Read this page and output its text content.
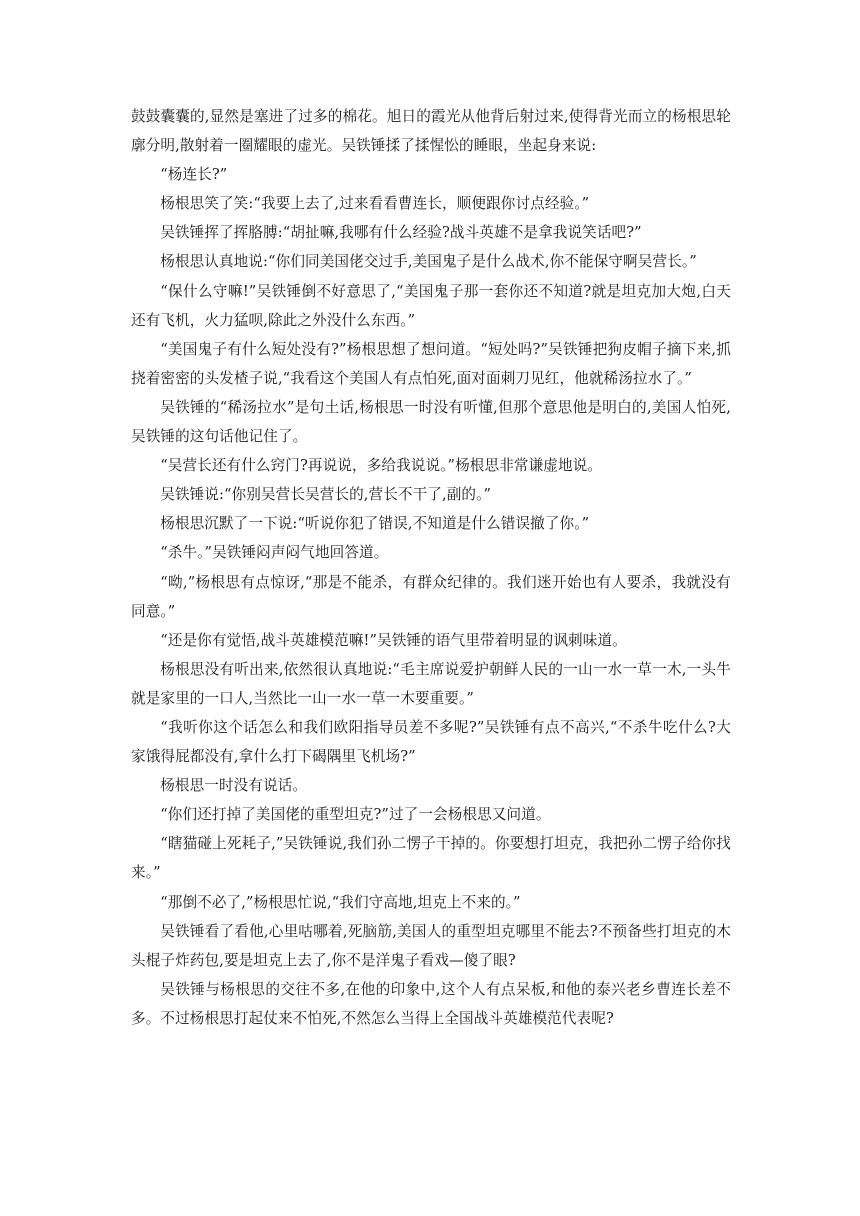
鼓鼓囊囊的,显然是塞进了过多的棉花。旭日的霞光从他背后射过来,使得背光而立的杨根思轮廓分明,散射着一圈耀眼的虚光。吴铁锤揉了揉惺忪的睡眼，坐起身来说:

“杨连长?”

杨根思笑了笑:“我要上去了,过来看看曹连长，顺便跟你讨点经验。”

吴铁锤挥了挥胳膊:“胡扯嘛,我哪有什么经验?战斗英雄不是拿我说笑话吧?”

杨根思认真地说:“你们同美国佬交过手,美国鬼子是什么战术,你不能保守啊吴营长。”

“保什么守嘛!”吴铁锤倒不好意思了,“美国鬼子那一套你还不知道?就是坦克加大炮,白天还有飞机，火力猛呗,除此之外没什么东西。”

“美国鬼子有什么短处没有?”杨根思想了想问道。“短处吗?”吴铁锤把狗皮帽子摘下来,抓挠着密密的头发楂子说,“我看这个美国人有点怕死,面对面刺刀见红，他就稀汤拉水了。”

吴铁锤的“稀汤拉水”是句土话,杨根思一时没有听懂,但那个意思他是明白的,美国人怕死,吴铁锤的这句话他记住了。

“吴营长还有什么窍门?再说说，多给我说说。”杨根思非常谦虚地说。

吴铁锤说:“你别吴营长吴营长的,营长不干了,副的。”

杨根思沉默了一下说:“听说你犯了错误,不知道是什么错误撤了你。”

“杀牛。”吴铁锤闷声闷气地回答道。

“呦,”杨根思有点惊讶,“那是不能杀，有群众纪律的。我们迷开始也有人要杀，我就没有同意。”

“还是你有觉悟,战斗英雄模范嘛!”吴铁锤的语气里带着明显的讽刺味道。

杨根思没有听出来,依然很认真地说:“毛主席说爱护朝鲜人民的一山一水一草一木,一头牛就是家里的一口人,当然比一山一水一草一木要重要。”

“我听你这个话怎么和我们欧阳指导员差不多呢?”吴铁锤有点不高兴,“不杀牛吃什么?大家饿得屁都没有,拿什么打下碣隅里飞机场?”

杨根思一时没有说话。

“你们还打掉了美国佬的重型坦克?”过了一会杨根思又问道。

“瞎猫碰上死耗子,”吴铁锤说,我们孙二愣子干掉的。你要想打坦克，我把孙二愣子给你找来。”

“那倒不必了,”杨根思忙说,“我们守高地,坦克上不来的。”

吴铁锤看了看他,心里咕哪着,死脑筋,美国人的重型坦克哪里不能去?不预备些打坦克的木头棍子炸药包,要是坦克上去了,你不是洋鬼子看戏—傻了眼?

吴铁锤与杨根思的交往不多,在他的印象中,这个人有点呆板,和他的泰兴老乡曹连长差不多。不过杨根思打起仗来不怕死,不然怎么当得上全国战斗英雄模范代表呢?
